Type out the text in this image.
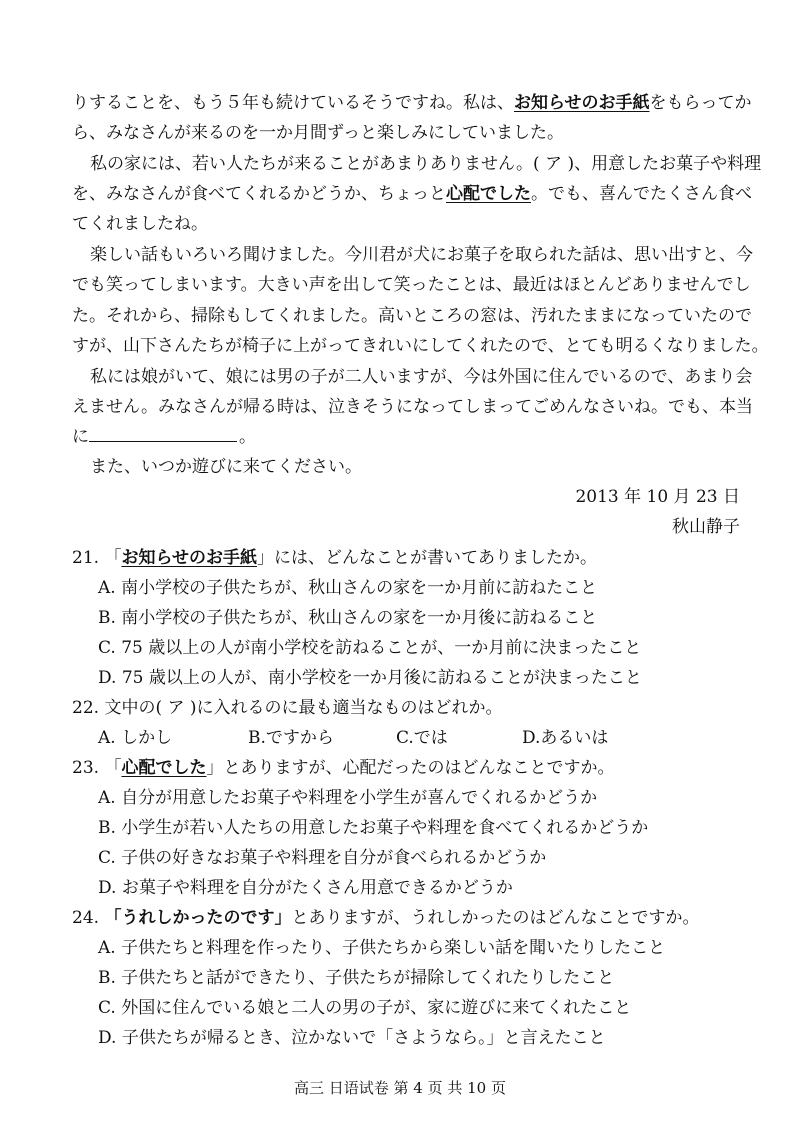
りすることを、もう５年も続けているそうですね。私は、お知らせのお手紙をもらってか
ら、みなさんが来るのを一か月間ずっと楽しみにしていました。
私の家には、若い人たちが来ることがあまりありません。( ア )、用意したお菓子や料理
を、みなさんが食べてくれるかどうか、ちょっと心配でした。でも、喜んでたくさん食べ
てくれましたね。
楽しい話もいろいろ聞けました。今川君が犬にお菓子を取られた話は、思い出すと、今
でも笑ってしまいます。大きい声を出して笑ったことは、最近はほとんどありませんでし
た。それから、掃除もしてくれました。高いところの窓は、汚れたままになっていたので
すが、山下さんたちが椅子に上がってきれいにしてくれたので、とても明るくなりました。
私には娘がいて、娘には男の子が二人いますが、今は外国に住んでいるので、あまり会
えません。みなさんが帰る時は、泣きそうになってしまってごめんなさいね。でも、本当
に	。
また、いつか遊びに来てください。
2013 年 10 月 23 日
秋山静子
21. 「お知らせのお手紙」には、どんなことが書いてありましたか。
A. 南小学校の子供たちが、秋山さんの家を一か月前に訪ねたこと
B. 南小学校の子供たちが、秋山さんの家を一か月後に訪ねること
C. 75 歳以上の人が南小学校を訪ねることが、一か月前に決まったこと
D. 75 歳以上の人が、南小学校を一か月後に訪ねることが決まったこと
22. 文中の( ア )に入れるのに最も適当なものはどれか。
A. しかし	B.ですから	C.では	D.あるいは
23. 「心配でした」とありますが、心配だったのはどんなことですか。
A. 自分が用意したお菓子や料理を小学生が喜んでくれるかどうか
B. 小学生が若い人たちの用意したお菓子や料理を食べてくれるかどうか
C. 子供の好きなお菓子や料理を自分が食べられるかどうか
D. お菓子や料理を自分がたくさん用意できるかどうか
24. 「うれしかったのです」とありますが、うれしかったのはどんなことですか。
A. 子供たちと料理を作ったり、子供たちから楽しい話を聞いたりしたこと
B. 子供たちと話ができたり、子供たちが掃除してくれたりしたこと
C. 外国に住んでいる娘と二人の男の子が、家に遊びに来てくれたこと
D. 子供たちが帰るとき、泣かないで「さようなら。」と言えたこと
高三 日语试卷 第 4 页 共 10 页
